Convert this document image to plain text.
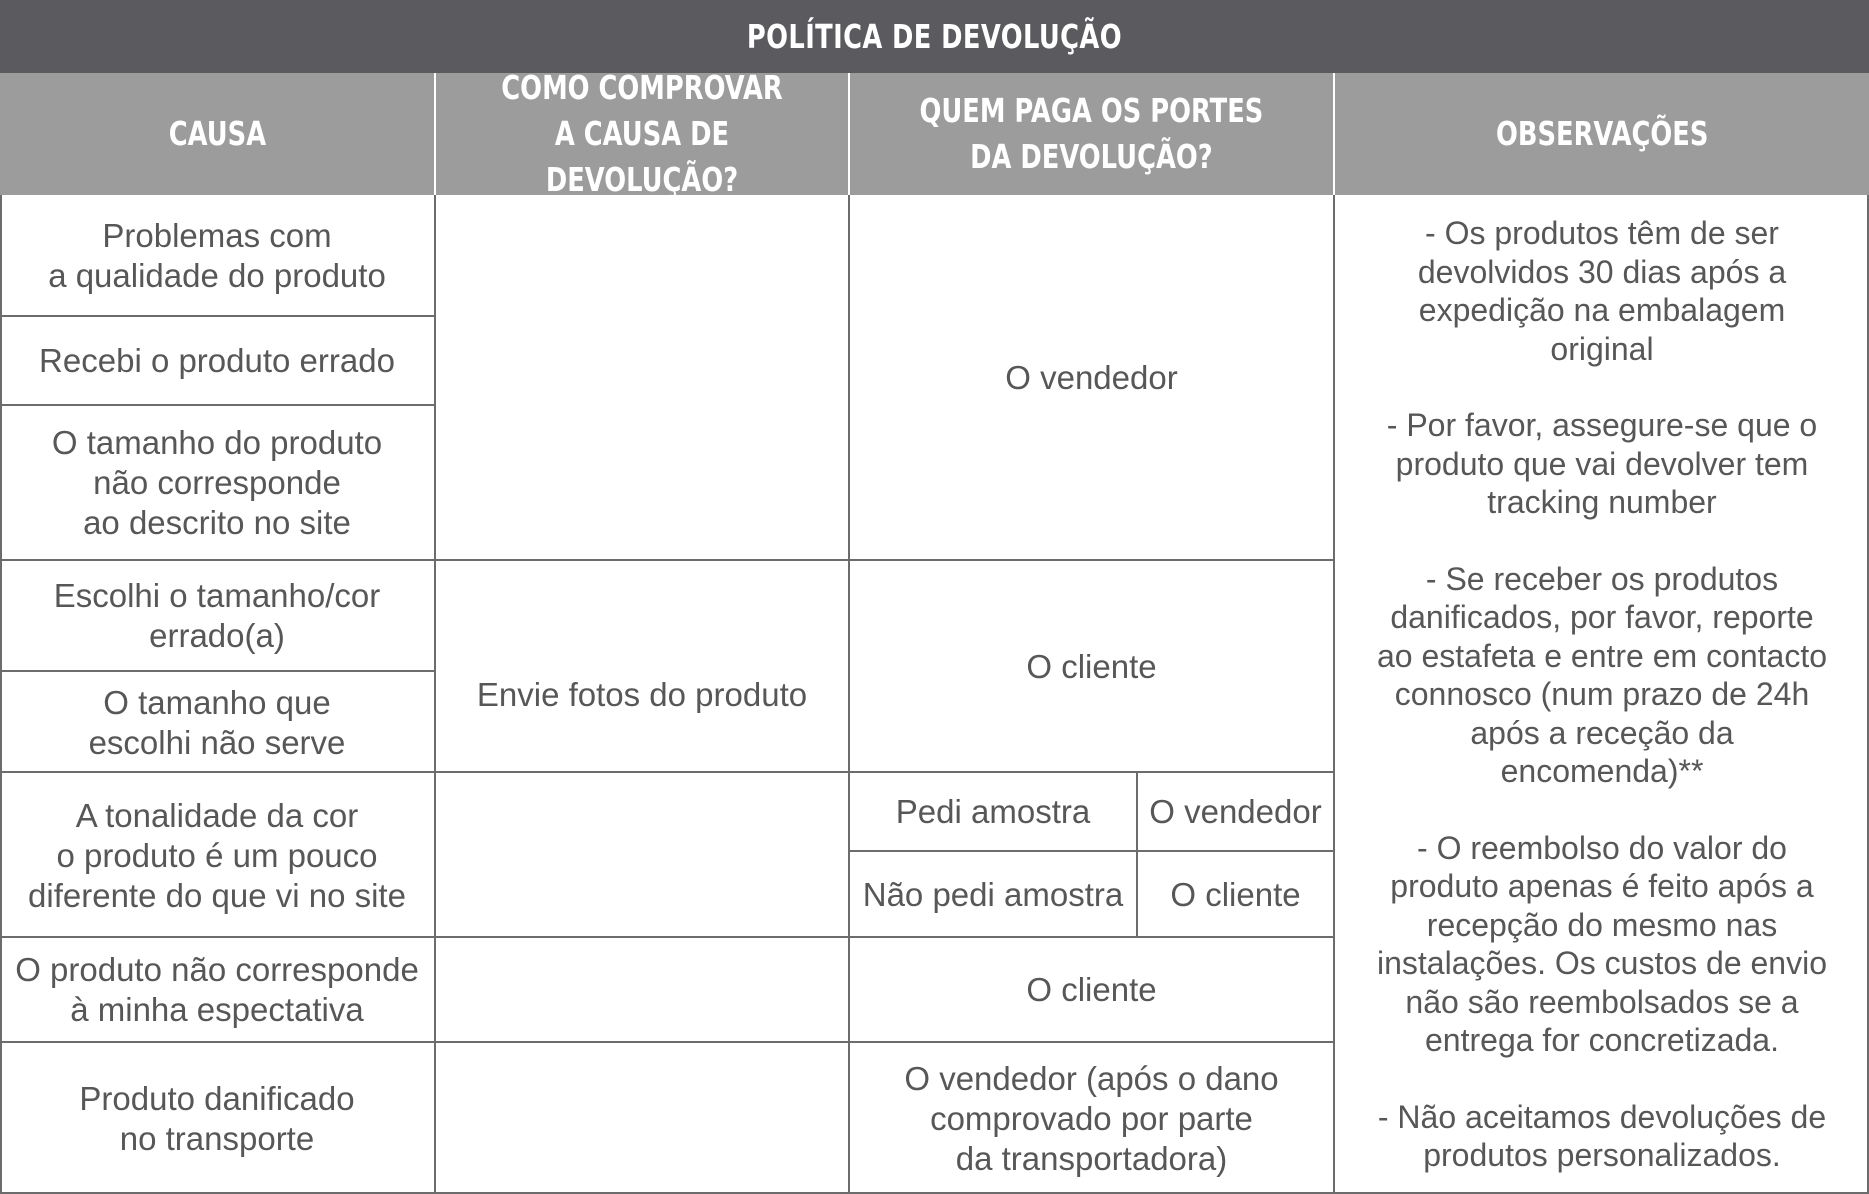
POLÍTICA DE DEVOLUÇÃO
CAUSA
COMO COMPROVAR
A CAUSA DE DEVOLUÇÃO?
QUEM PAGA OS PORTES
DA DEVOLUÇÃO?
OBSERVAÇÕES
Problemas com
a qualidade do produto
Recebi o produto errado
O tamanho do produto
não corresponde
ao descrito no site
Escolhi o tamanho/cor
errado(a)
O tamanho que
escolhi não serve
A tonalidade da cor
o produto é um pouco
diferente do que vi no site
O produto não corresponde
à minha espectativa
Produto danificado
no transporte
Envie fotos do produto
O vendedor
O cliente
Pedi amostra	O vendedor
Não pedi amostra	O cliente
O cliente
O vendedor (após o dano
comprovado por parte
da transportadora)

- Os produtos têm de ser
devolvidos 30 dias após a
expedição na embalagem
original

- Por favor, assegure-se que o
produto que vai devolver tem
tracking number

- Se receber os produtos
danificados, por favor, reporte
ao estafeta e entre em contacto
connosco (num prazo de 24h
após a receção da
encomenda)**

- O reembolso do valor do
produto apenas é feito após a
recepção do mesmo nas
instalações. Os custos de envio
não são reembolsados se a
entrega for concretizada.

- Não aceitamos devoluções de
produtos personalizados.
